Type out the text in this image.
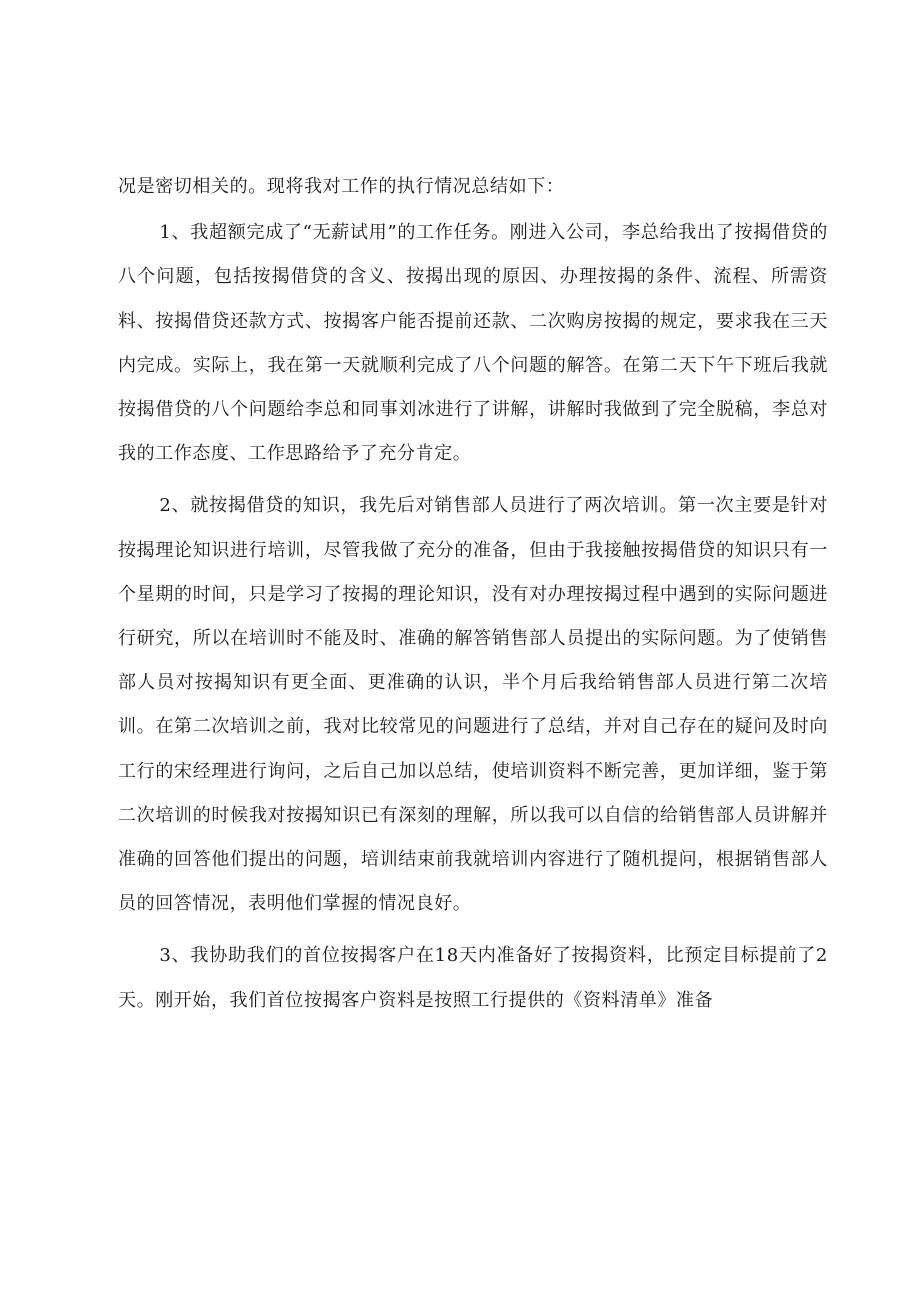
况是密切相关的。现将我对工作的执行情况总结如下：

1、我超额完成了“无薪试用”的工作任务。刚进入公司，李总给我出了按揭借贷的八个问题，包括按揭借贷的含义、按揭出现的原因、办理按揭的条件、流程、所需资料、按揭借贷还款方式、按揭客户能否提前还款、二次购房按揭的规定，要求我在三天内完成。实际上，我在第一天就顺利完成了八个问题的解答。在第二天下午下班后我就按揭借贷的八个问题给李总和同事刘冰进行了讲解，讲解时我做到了完全脱稿，李总对我的工作态度、工作思路给予了充分肯定。

2、就按揭借贷的知识，我先后对销售部人员进行了两次培训。第一次主要是针对按揭理论知识进行培训，尽管我做了充分的准备，但由于我接触按揭借贷的知识只有一个星期的时间，只是学习了按揭的理论知识，没有对办理按揭过程中遇到的实际问题进行研究，所以在培训时不能及时、准确的解答销售部人员提出的实际问题。为了使销售部人员对按揭知识有更全面、更准确的认识，半个月后我给销售部人员进行第二次培训。在第二次培训之前，我对比较常见的问题进行了总结，并对自己存在的疑问及时向工行的宋经理进行询问，之后自己加以总结，使培训资料不断完善，更加详细，鉴于第二次培训的时候我对按揭知识已有深刻的理解，所以我可以自信的给销售部人员讲解并准确的回答他们提出的问题，培训结束前我就培训内容进行了随机提问，根据销售部人员的回答情况，表明他们掌握的情况良好。

3、我协助我们的首位按揭客户在18天内准备好了按揭资料，比预定目标提前了2天。刚开始，我们首位按揭客户资料是按照工行提供的《资料清单》准备
